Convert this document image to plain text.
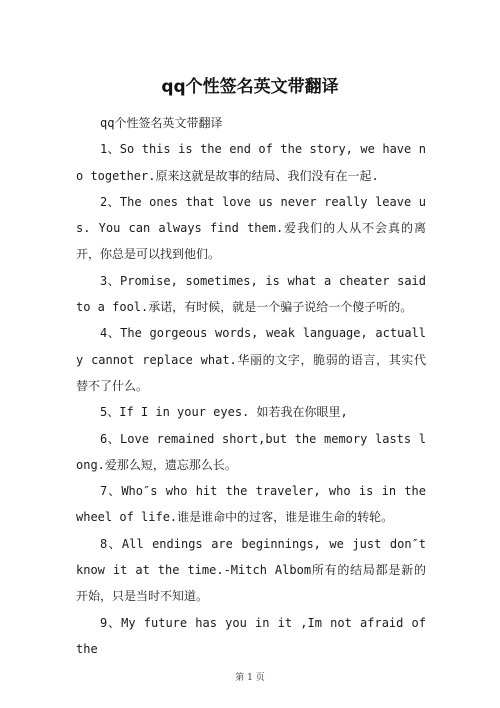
qq个性签名英文带翻译

qq个性签名英文带翻译

1、So this is the end of the story, we have no together.原来这就是故事的结局、我们没有在一起.

2、The ones that love us never really leave us. You can always find them.爱我们的人从不会真的离开，你总是可以找到他们。

3、Promise, sometimes, is what a cheater said to a fool.承诺，有时候，就是一个骗子说给一个傻子听的。

4、The gorgeous words, weak language, actually cannot replace what.华丽的文字，脆弱的语言，其实代替不了什么。

5、If I in your eyes. 如若我在你眼里,

6、Love remained short,but the memory lasts long.爱那么短，遗忘那么长。

7、Who″s who hit the traveler, who is in the wheel of life.谁是谁命中的过客，谁是谁生命的转轮。

8、All endings are beginnings, we just don″t know it at the time.-Mitch Albom所有的结局都是新的开始，只是当时不知道。

9、My future has you in it ,Im not afraid of the

第 1 页
